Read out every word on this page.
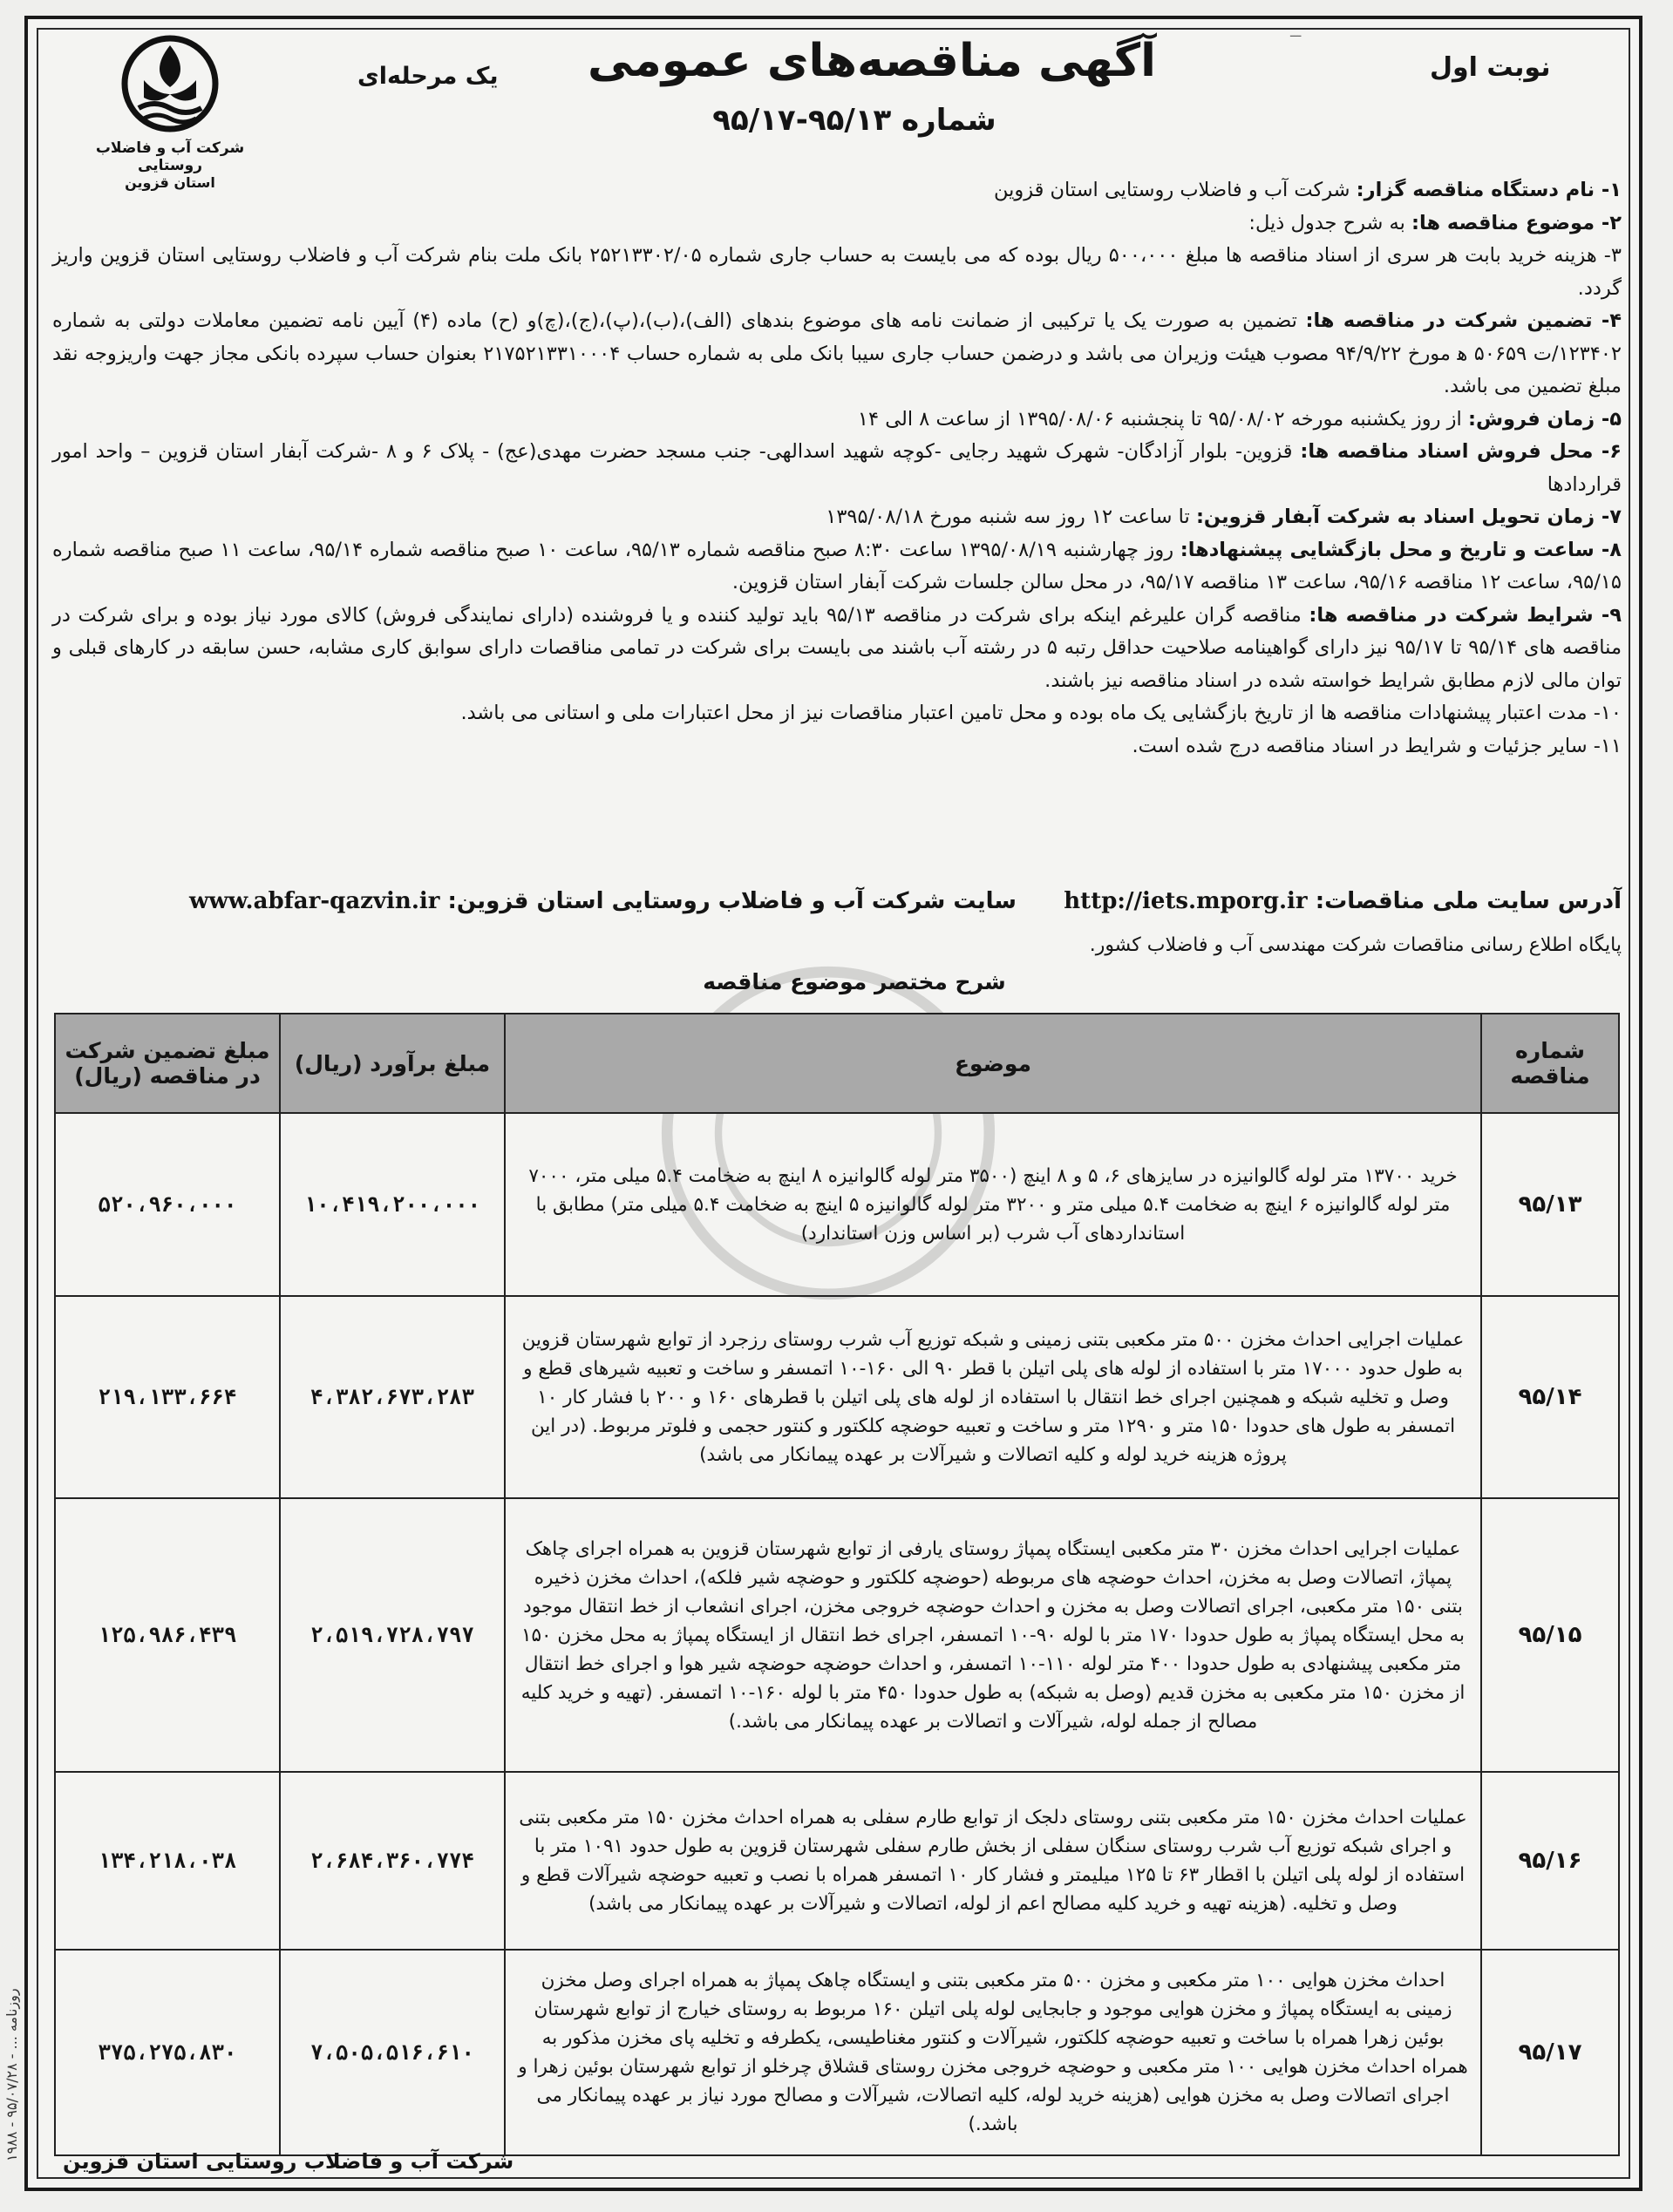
ـــ
شرکت آب و فاضلاب روستایی
استان قزوین
آگهی مناقصه‌های عمومی
شماره ۹۵/۱۳-۹۵/۱۷
نوبت اول
یک مرحله‌ای

۱- نام دستگاه مناقصه گزار: شرکت آب و فاضلاب روستایی استان قزوین

۲- موضوع مناقصه ها: به شرح جدول ذیل:

۳- هزینه خرید بابت هر سری از اسناد مناقصه ها مبلغ ۵۰۰،۰۰۰ ریال بوده که می بایست به حساب جاری شماره ۲۵۲۱۳۳۰۲/۰۵ بانک ملت بنام شرکت آب و فاضلاب روستایی استان قزوین واریز گردد.

۴- تضمین شرکت در مناقصه ها: تضمین به صورت یک یا ترکیبی از ضمانت نامه های موضوع بندهای (الف)،(ب)،(پ)،(ج)،(چ)و (ح) ماده (۴) آیین نامه تضمین معاملات دولتی به شماره ۱۲۳۴۰۲/ت ۵۰۶۵۹ ﻫ مورخ ۹۴/۹/۲۲ مصوب هیئت وزیران می باشد و درضمن حساب جاری سیبا بانک ملی به شماره حساب ۲۱۷۵۲۱۳۳۱۰۰۰۴ بعنوان حساب سپرده بانکی مجاز جهت واریزوجه نقد مبلغ تضمین می باشد.

۵- زمان فروش: از روز یکشنبه مورخه ۹۵/۰۸/۰۲ تا پنجشنبه ۱۳۹۵/۰۸/۰۶ از ساعت ۸ الی ۱۴

۶- محل فروش اسناد مناقصه ها: قزوین- بلوار آزادگان- شهرک شهید رجایی -کوچه شهید اسدالهی- جنب مسجد حضرت مهدی(عج) - پلاک ۶ و ۸ -شرکت آبفار استان قزوین – واحد امور قراردادها

۷- زمان تحویل اسناد به شرکت آبفار قزوین: تا ساعت ۱۲ روز سه شنبه مورخ ۱۳۹۵/۰۸/۱۸

۸- ساعت و تاریخ و محل بازگشایی پیشنهادها: روز چهارشنبه ۱۳۹۵/۰۸/۱۹ ساعت ۸:۳۰ صبح مناقصه شماره ۹۵/۱۳، ساعت ۱۰ صبح مناقصه شماره ۹۵/۱۴، ساعت ۱۱ صبح مناقصه شماره ۹۵/۱۵، ساعت ۱۲ مناقصه ۹۵/۱۶، ساعت ۱۳ مناقصه ۹۵/۱۷، در محل سالن جلسات شرکت آبفار استان قزوین.

۹- شرایط شرکت در مناقصه ها: مناقصه گران علیرغم اینکه برای شرکت در مناقصه ۹۵/۱۳ باید تولید کننده و یا فروشنده (دارای نمایندگی فروش) کالای مورد نیاز بوده و برای شرکت در مناقصه های ۹۵/۱۴ تا ۹۵/۱۷ نیز دارای گواهینامه صلاحیت حداقل رتبه ۵ در رشته آب باشند می بایست برای شرکت در تمامی مناقصات دارای سوابق کاری مشابه، حسن سابقه در کارهای قبلی و توان مالی لازم مطابق شرایط خواسته شده در اسناد مناقصه نیز باشند.

۱۰- مدت اعتبار پیشنهادات مناقصه ها از تاریخ بازگشایی یک ماه بوده و محل تامین اعتبار مناقصات نیز از محل اعتبارات ملی و استانی می باشد.

۱۱- سایر جزئیات و شرایط در اسناد مناقصه درج شده است.

آدرس سایت ملی مناقصات: http://iets.mporg.ir      سایت شرکت آب و فاضلاب روستایی استان قزوین: www.abfar-qazvin.ir
پایگاه اطلاع رسانی مناقصات شرکت مهندسی آب و فاضلاب کشور.
شرح مختصر موضوع مناقصه
شماره مناقصه	موضوع	مبلغ برآورد (ریال)	مبلغ تضمین شرکت در مناقصه (ریال)
۹۵/۱۳	خرید ۱۳۷۰۰ متر لوله گالوانیزه در سایزهای ۶، ۵ و ۸ اینچ (۳۵۰۰ متر لوله گالوانیزه ۸ اینچ به ضخامت ۵.۴ میلی متر، ۷۰۰۰ متر لوله گالوانیزه ۶ اینچ به ضخامت ۵.۴ میلی متر و ۳۲۰۰ متر لوله گالوانیزه ۵ اینچ به ضخامت ۵.۴ میلی متر) مطابق با استانداردهای آب شرب (بر اساس وزن استاندارد)	۱۰،۴۱۹،۲۰۰،۰۰۰	۵۲۰،۹۶۰،۰۰۰
۹۵/۱۴	عملیات اجرایی احداث مخزن ۵۰۰ متر مکعبی بتنی زمینی و شبکه توزیع آب شرب روستای رزجرد از توابع شهرستان قزوین به طول حدود ۱۷۰۰۰ متر با استفاده از لوله های پلی اتیلن با قطر ۹۰ الی ۱۶۰-۱۰ اتمسفر و ساخت و تعبیه شیرهای قطع و وصل و تخلیه شبکه و همچنین اجرای خط انتقال با استفاده از لوله های پلی اتیلن با قطرهای ۱۶۰ و ۲۰۰ با فشار کار ۱۰ اتمسفر به طول های حدودا ۱۵۰ متر و ۱۲۹۰ متر و ساخت و تعبیه حوضچه کلکتور و کنتور حجمی و فلوتر مربوط. (در این پروژه هزینه خرید لوله و کلیه اتصالات و شیرآلات بر عهده پیمانکار می باشد)	۴،۳۸۲،۶۷۳،۲۸۳	۲۱۹،۱۳۳،۶۶۴
۹۵/۱۵	عملیات اجرایی احداث مخزن ۳۰ متر مکعبی ایستگاه پمپاژ روستای یارفی از توابع شهرستان قزوین به همراه اجرای چاهک پمپاژ، اتصالات وصل به مخزن، احداث حوضچه های مربوطه (حوضچه کلکتور و حوضچه شیر فلکه)، احداث مخزن ذخیره بتنی ۱۵۰ متر مکعبی، اجرای اتصالات وصل به مخزن و احداث حوضچه خروجی مخزن، اجرای انشعاب از خط انتقال موجود به محل ایستگاه پمپاژ به طول حدودا ۱۷۰ متر با لوله ۹۰-۱۰ اتمسفر، اجرای خط انتقال از ایستگاه پمپاژ به محل مخزن ۱۵۰ متر مکعبی پیشنهادی به طول حدودا ۴۰۰ متر لوله ۱۱۰-۱۰ اتمسفر، و احداث حوضچه حوضچه شیر هوا و اجرای خط انتقال از مخزن ۱۵۰ متر مکعبی به مخزن قدیم (وصل به شبکه) به طول حدودا ۴۵۰ متر با لوله ۱۶۰-۱۰ اتمسفر. (تهیه و خرید کلیه مصالح از جمله لوله، شیرآلات و اتصالات بر عهده پیمانکار می باشد.)	۲،۵۱۹،۷۲۸،۷۹۷	۱۲۵،۹۸۶،۴۳۹
۹۵/۱۶	عملیات احداث مخزن ۱۵۰ متر مکعبی بتنی روستای دلجک از توابع طارم سفلی به همراه احداث مخزن ۱۵۰ متر مکعبی بتنی و اجرای شبکه توزیع آب شرب روستای سنگان سفلی از بخش طارم سفلی شهرستان قزوین به طول حدود ۱۰۹۱ متر با استفاده از لوله پلی اتیلن با اقطار ۶۳ تا ۱۲۵ میلیمتر و فشار کار ۱۰ اتمسفر همراه با نصب و تعبیه حوضچه شیرآلات قطع و وصل و تخلیه. (هزینه تهیه و خرید کلیه مصالح اعم از لوله، اتصالات و شیرآلات بر عهده پیمانکار می باشد)	۲،۶۸۴،۳۶۰،۷۷۴	۱۳۴،۲۱۸،۰۳۸
۹۵/۱۷	احداث مخزن هوایی ۱۰۰ متر مکعبی و مخزن ۵۰۰ متر مکعبی بتنی و ایستگاه چاهک پمپاژ به همراه اجرای وصل مخزن زمینی به ایستگاه پمپاژ و مخزن هوایی موجود و جابجایی لوله پلی اتیلن ۱۶۰ مربوط به روستای خیارج از توابع شهرستان بوئین زهرا همراه با ساخت و تعبیه حوضچه کلکتور، شیرآلات و کنتور مغناطیسی، یکطرفه و تخلیه پای مخزن مذکور به همراه احداث مخزن هوایی ۱۰۰ متر مکعبی و حوضچه خروجی مخزن روستای قشلاق چرخلو از توابع شهرستان بوئین زهرا و اجرای اتصالات وصل به مخزن هوایی (هزینه خرید لوله، کلیه اتصالات، شیرآلات و مصالح مورد نیاز بر عهده پیمانکار می باشد.)	۷،۵۰۵،۵۱۶،۶۱۰	۳۷۵،۲۷۵،۸۳۰
شرکت آب و فاضلاب روستایی استان قزوین
روزنامه ... - ۹۵/۰۷/۲۸ - ۱۹۸۸
